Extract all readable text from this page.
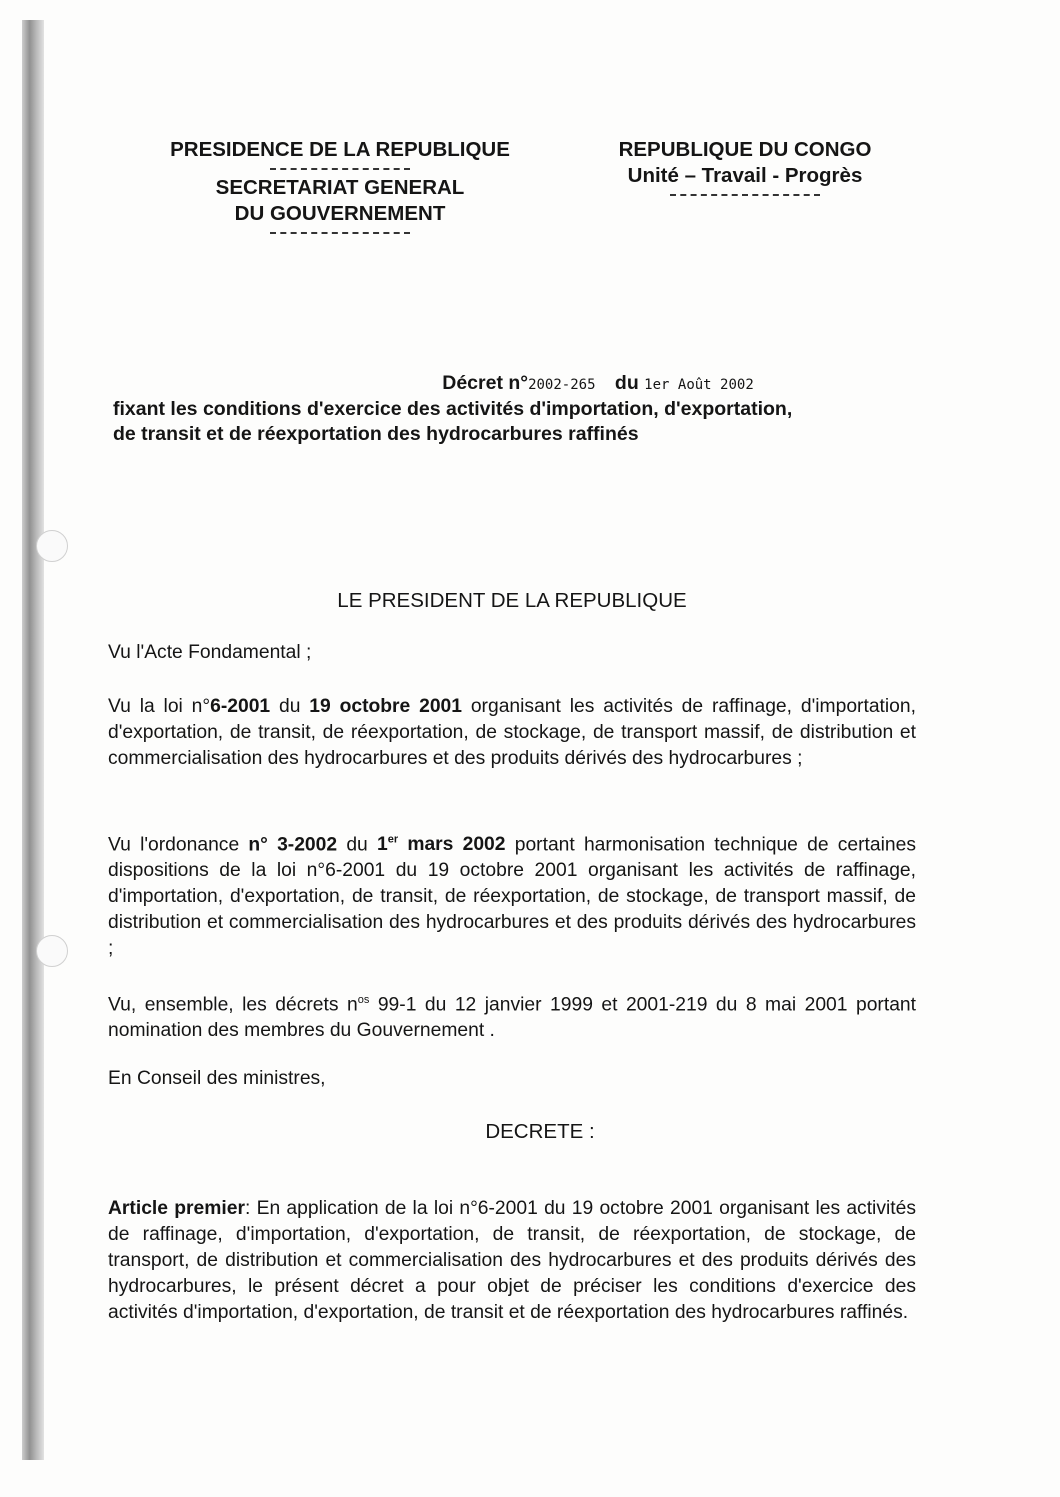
PRESIDENCE DE LA REPUBLIQUE
SECRETARIAT GENERAL
DU GOUVERNEMENT
REPUBLIQUE DU CONGO
Unité – Travail - Progrès
Décret n°2002-265 du 1er Août 2002
fixant les conditions d'exercice des activités d'importation, d'exportation,
de transit et de réexportation des hydrocarbures raffinés
LE PRESIDENT DE LA REPUBLIQUE
Vu l'Acte Fondamental ;
Vu la loi n°6-2001 du 19 octobre 2001 organisant les activités de raffinage, d'importation, d'exportation, de transit, de réexportation, de stockage, de transport massif, de distribution et commercialisation des hydrocarbures et des produits dérivés des hydrocarbures ;
Vu l'ordonance n° 3-2002 du 1er mars 2002 portant harmonisation technique de certaines dispositions de la loi n°6-2001 du 19 octobre 2001 organisant les activités de raffinage, d'importation, d'exportation, de transit, de réexportation, de stockage, de transport massif, de distribution et commercialisation des hydrocarbures et des produits dérivés des hydrocarbures ;
Vu, ensemble, les décrets $n^{os}$ 99-1 du 12 janvier 1999 et 2001-219 du 8 mai 2001 portant nomination des membres du Gouvernement .
En Conseil des ministres,
DECRETE :
Article premier: En application de la loi n°6-2001 du 19 octobre 2001 organisant les activités de raffinage, d'importation, d'exportation, de transit, de réexportation, de stockage, de transport, de distribution et commercialisation des hydrocarbures et des produits dérivés des hydrocarbures, le présent décret a pour objet de préciser les conditions d'exercice des activités d'importation, d'exportation, de transit et de réexportation des hydrocarbures raffinés.
